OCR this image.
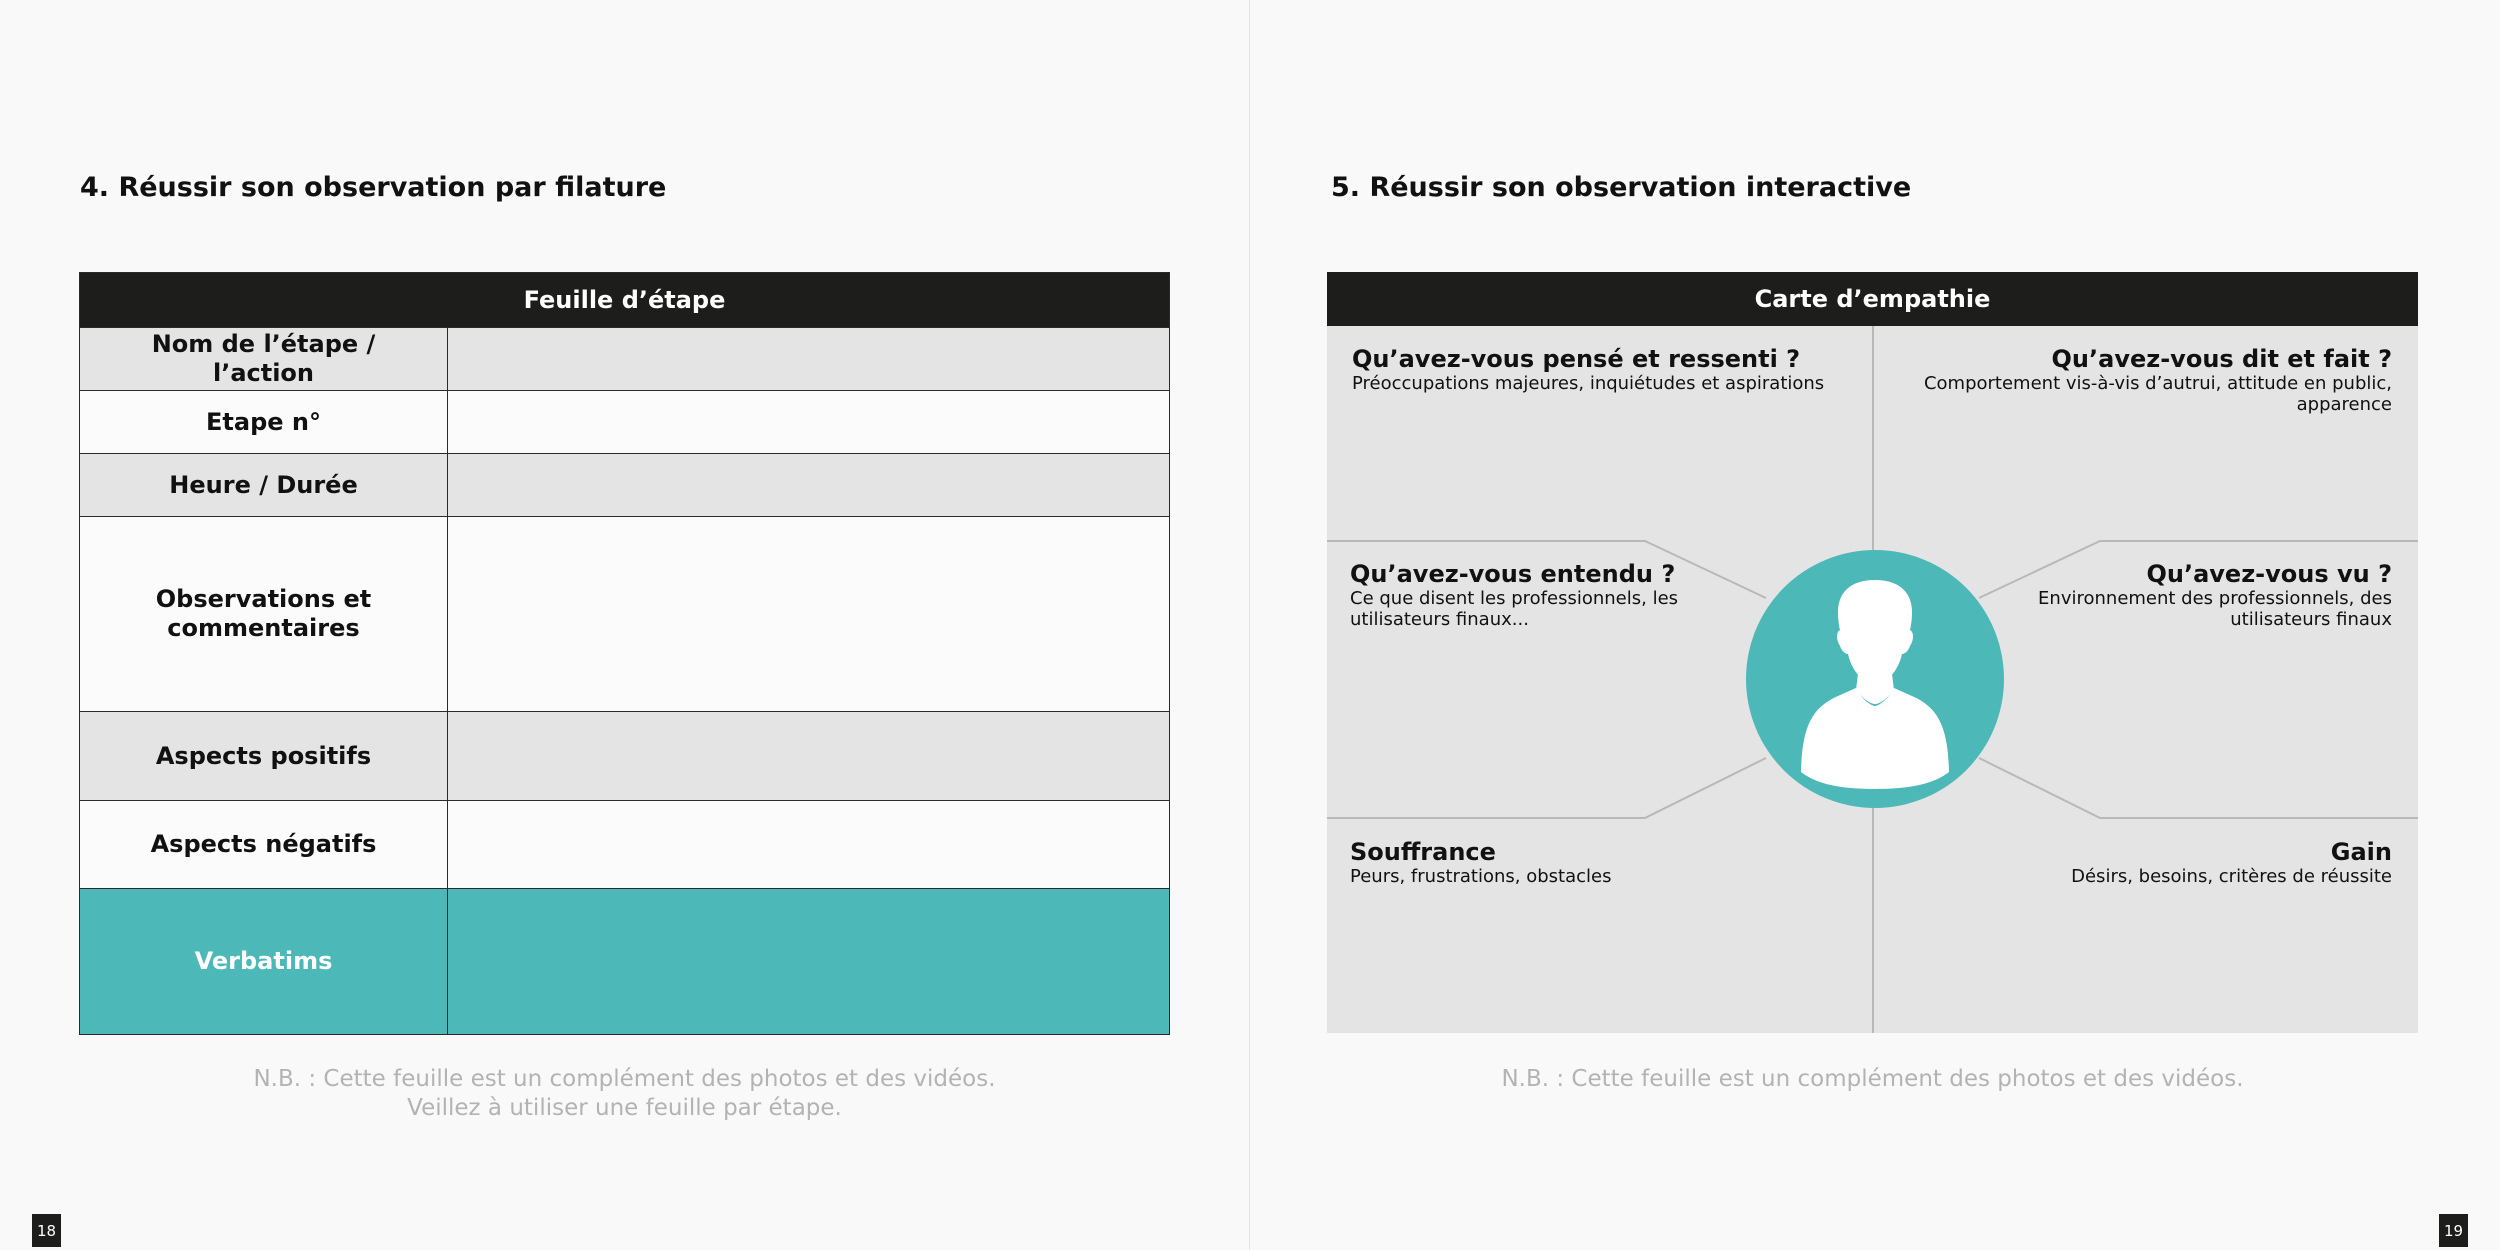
4. Réussir son observation par filature
Feuille d’étape
Nom de l’étape / l’action
Etape n°
Heure / Durée
Observations et commentaires
Aspects positifs
Aspects négatifs
Verbatims
N.B. : Cette feuille est un complément des photos et des vidéos.
Veillez à utiliser une feuille par étape.
18
5. Réussir son observation interactive
Carte d’empathie
Qu’avez-vous pensé et ressenti ?
Préoccupations majeures, inquiétudes et aspirations
Qu’avez-vous dit et fait ?
Comportement vis-à-vis d’autrui, attitude en public,
apparence
Qu’avez-vous entendu ?
Ce que disent les professionnels, les
utilisateurs finaux...
Qu’avez-vous vu ?
Environnement des professionnels, des
utilisateurs finaux
Souffrance
Peurs, frustrations, obstacles
Gain
Désirs, besoins, critères de réussite
N.B. : Cette feuille est un complément des photos et des vidéos.
19
